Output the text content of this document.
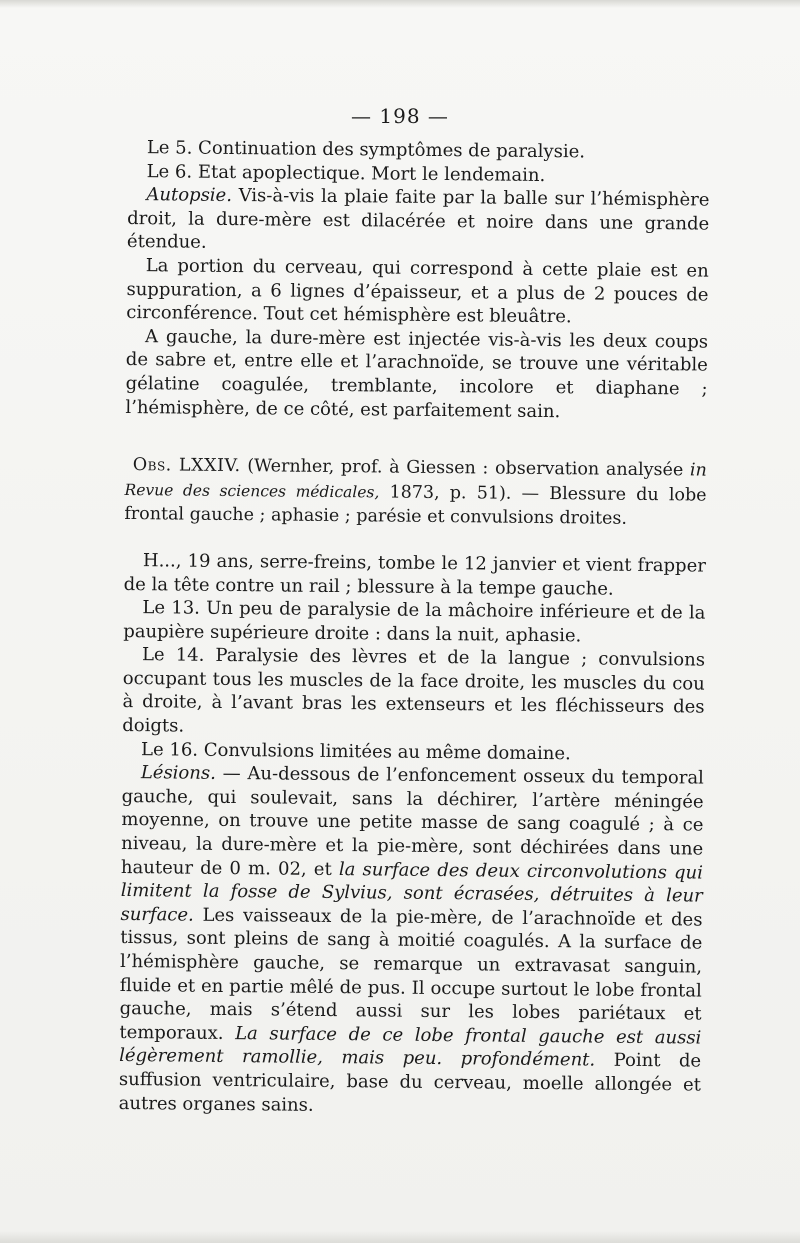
— 198 —

Le 5. Continuation des symptômes de paralysie.

Le 6. Etat apoplectique. Mort le lendemain.

Autopsie. Vis-à-vis la plaie faite par la balle sur l’hémisphère droit, la dure-mère est dilacérée et noire dans une grande étendue.

La portion du cerveau, qui correspond à cette plaie est en suppuration, a 6 lignes d’épaisseur, et a plus de 2 pouces de circonférence. Tout cet hémisphère est bleuâtre.

A gauche, la dure-mère est injectée vis-à-vis les deux coups de sabre et, entre elle et l’arachnoïde, se trouve une véritable gélatine coagulée, tremblante, incolore et diaphane ; l’hémisphère, de ce côté, est parfaitement sain.

Obs. LXXIV. (Wernher, prof. à Giessen : observation analysée in Revue des sciences médicales, 1873, p. 51). — Blessure du lobe frontal gauche ; aphasie ; parésie et convulsions droites.

H..., 19 ans, serre-freins, tombe le 12 janvier et vient frapper de la tête contre un rail ; blessure à la tempe gauche.

Le 13. Un peu de paralysie de la mâchoire inférieure et de la paupière supérieure droite : dans la nuit, aphasie.

Le 14. Paralysie des lèvres et de la langue ; convulsions occupant tous les muscles de la face droite, les muscles du cou à droite, à l’avant bras les extenseurs et les fléchisseurs des doigts.

Le 16. Convulsions limitées au même domaine.

Lésions. — Au-dessous de l’enfoncement osseux du temporal gauche, qui soulevait, sans la déchirer, l’artère méningée moyenne, on trouve une petite masse de sang coagulé ; à ce niveau, la dure-mère et la pie-mère, sont déchirées dans une hauteur de 0 m. 02, et la surface des deux circonvolutions qui limitent la fosse de Sylvius, sont écrasées, détruites à leur surface. Les vaisseaux de la pie-mère, de l’arachnoïde et des tissus, sont pleins de sang à moitié coagulés. A la surface de l’hémisphère gauche, se remarque un extravasat sanguin, fluide et en partie mêlé de pus. Il occupe surtout le lobe frontal gauche, mais s’étend aussi sur les lobes pariétaux et temporaux. La surface de ce lobe frontal gauche est aussi légèrement ramollie, mais peu. profondément. Point de suffusion ventriculaire, base du cerveau, moelle allongée et autres organes sains.
